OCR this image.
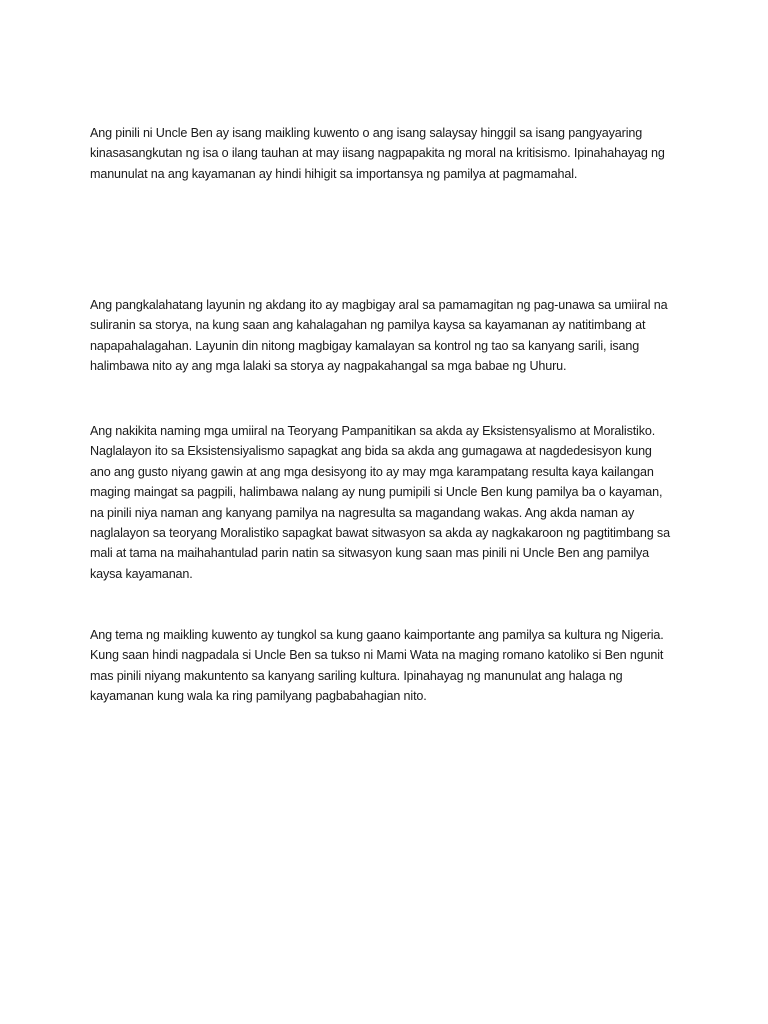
Ang pinili ni Uncle Ben ay isang maikling kuwento o ang isang salaysay hinggil sa isang pangyayaring kinasasangkutan ng isa o ilang tauhan at may iisang nagpapakita ng moral na kritisismo. Ipinahahayag ng manunulat na ang kayamanan ay hindi hihigit sa importansya ng pamilya at pagmamahal.

Ang pangkalahatang layunin ng akdang ito ay magbigay aral sa pamamagitan ng pag-unawa sa umiiral na suliranin sa storya, na kung saan ang kahalagahan ng pamilya kaysa sa kayamanan ay natitimbang at napapahalagahan. Layunin din nitong magbigay kamalayan sa kontrol ng tao sa kanyang sarili, isang halimbawa nito ay ang mga lalaki sa storya ay nagpakahangal sa mga babae ng Uhuru.

Ang nakikita naming mga umiiral na Teoryang Pampanitikan sa akda ay Eksistensyalismo at Moralistiko. Naglalayon ito sa Eksistensiyalismo sapagkat ang bida sa akda ang gumagawa at nagdedesisyon kung ano ang gusto niyang gawin at ang mga desisyong ito ay may mga karampatang resulta kaya kailangan maging maingat sa pagpili, halimbawa nalang ay nung pumipili si Uncle Ben kung pamilya ba o kayaman, na pinili niya naman ang kanyang pamilya na nagresulta sa magandang wakas. Ang akda naman ay naglalayon sa teoryang Moralistiko sapagkat bawat sitwasyon sa akda ay nagkakaroon ng pagtitimbang sa mali at tama na maihahantulad parin natin sa sitwasyon kung saan mas pinili ni Uncle Ben ang pamilya kaysa kayamanan.

Ang tema ng maikling kuwento ay tungkol sa kung gaano kaimportante ang pamilya sa kultura ng Nigeria. Kung saan hindi nagpadala si Uncle Ben sa tukso ni Mami Wata na maging romano katoliko si Ben ngunit mas pinili niyang makuntento sa kanyang sariling kultura. Ipinahayag ng manunulat ang halaga ng kayamanan kung wala ka ring pamilyang pagbabahagian nito.
